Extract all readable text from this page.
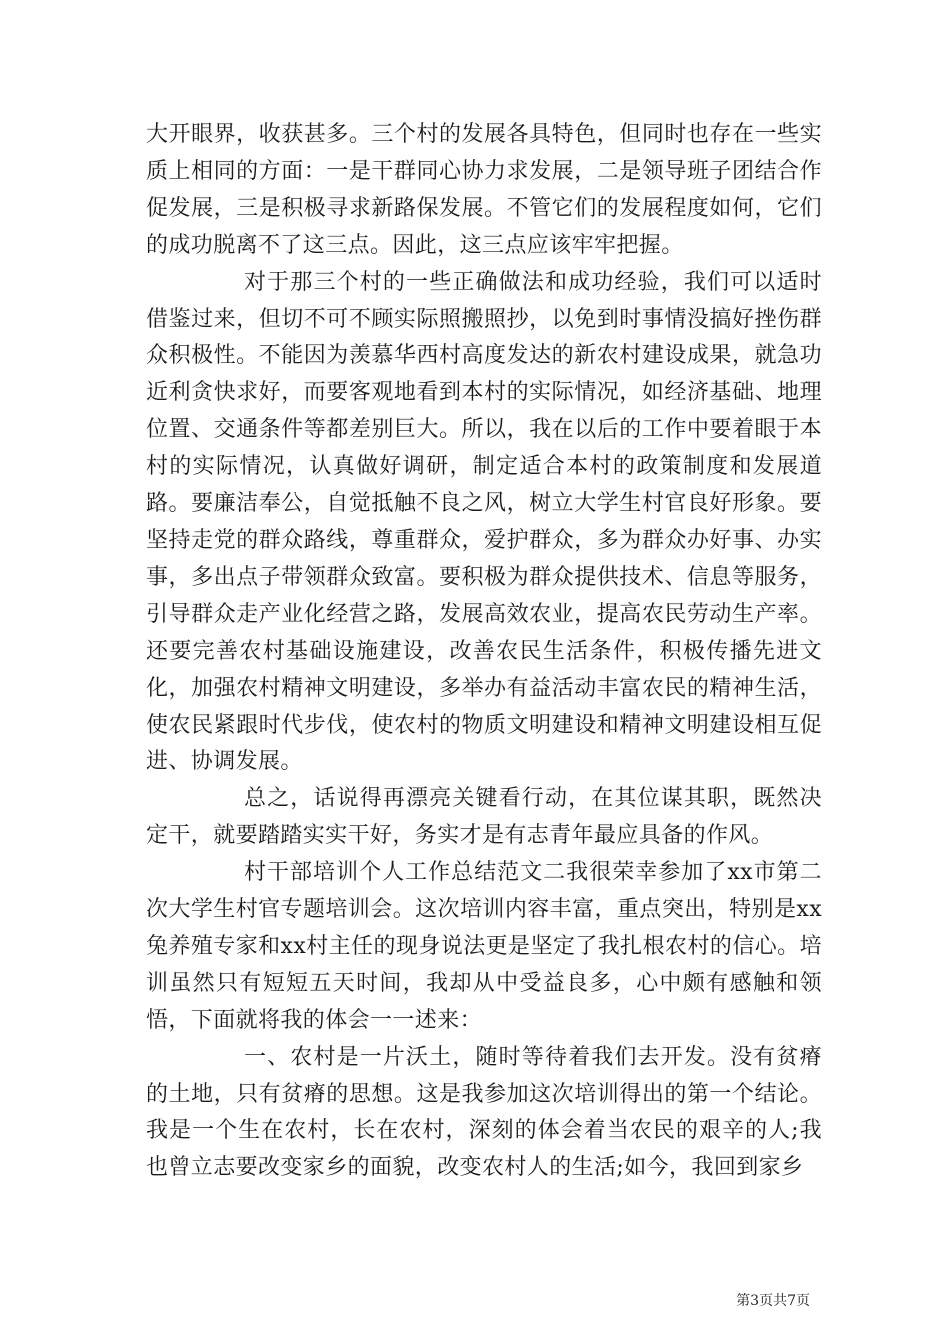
大开眼界，收获甚多。三个村的发展各具特色，但同时也存在一些实质上相同的方面：一是干群同心协力求发展，二是领导班子团结合作促发展，三是积极寻求新路保发展。不管它们的发展程度如何，它们的成功脱离不了这三点。因此，这三点应该牢牢把握。

对于那三个村的一些正确做法和成功经验，我们可以适时借鉴过来，但切不可不顾实际照搬照抄，以免到时事情没搞好挫伤群众积极性。不能因为羡慕华西村高度发达的新农村建设成果，就急功近利贪快求好，而要客观地看到本村的实际情况，如经济基础、地理位置、交通条件等都差别巨大。所以，我在以后的工作中要着眼于本村的实际情况，认真做好调研，制定适合本村的政策制度和发展道路。要廉洁奉公，自觉抵触不良之风，树立大学生村官良好形象。要坚持走党的群众路线，尊重群众，爱护群众，多为群众办好事、办实事，多出点子带领群众致富。要积极为群众提供技术、信息等服务，引导群众走产业化经营之路，发展高效农业，提高农民劳动生产率。还要完善农村基础设施建设，改善农民生活条件，积极传播先进文化，加强农村精神文明建设，多举办有益活动丰富农民的精神生活，使农民紧跟时代步伐，使农村的物质文明建设和精神文明建设相互促进、协调发展。

总之，话说得再漂亮关键看行动，在其位谋其职，既然决定干，就要踏踏实实干好，务实才是有志青年最应具备的作风。

村干部培训个人工作总结范文二我很荣幸参加了xx市第二次大学生村官专题培训会。这次培训内容丰富，重点突出，特别是xx兔养殖专家和xx村主任的现身说法更是坚定了我扎根农村的信心。培训虽然只有短短五天时间，我却从中受益良多，心中颇有感触和领悟，下面就将我的体会一一述来：

一、农村是一片沃土，随时等待着我们去开发。没有贫瘠的土地，只有贫瘠的思想。这是我参加这次培训得出的第一个结论。我是一个生在农村，长在农村，深刻的体会着当农民的艰辛的人;我也曾立志要改变家乡的面貌，改变农村人的生活;如今，我回到家乡

第3页共7页
